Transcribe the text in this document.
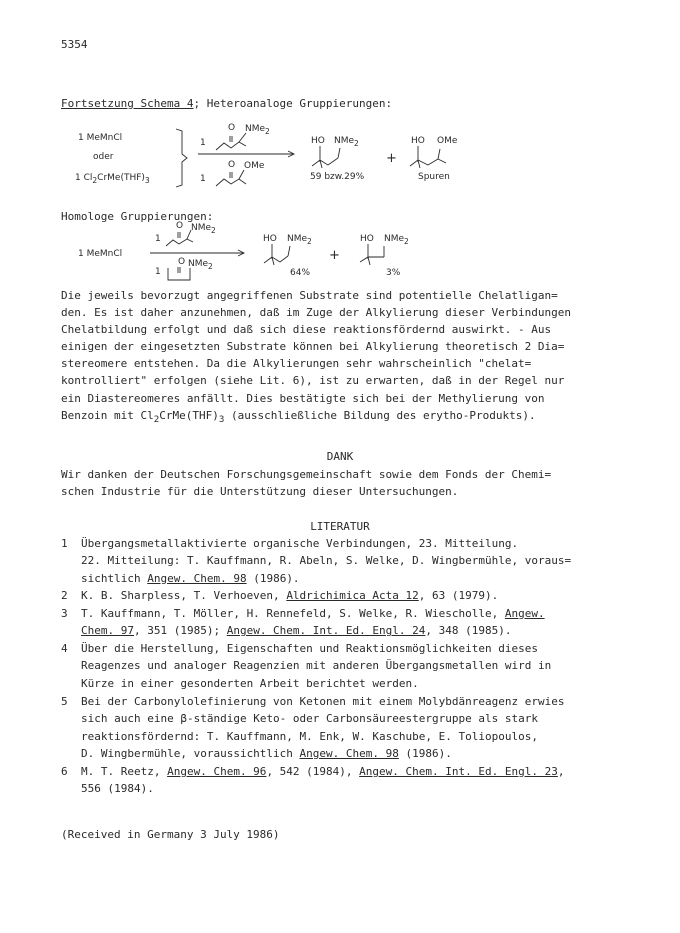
5354
Fortsetzung Schema 4; Heteroanaloge Gruppierungen:
1 MeMnCl
oder
1 $Cl_2CrMe(THF)_3$
1
O NMe$_2$
1
O OMe
HO NMe$_2$
59 bzw.29%
+
HO OMe
Spuren
Homologe Gruppierungen:
1 MeMnCl
1
O NMe$_2$
1
O NMe$_2$
HO NMe$_2$
64%
+
HO NMe$_2$
3%
Die jeweils bevorzugt angegriffenen Substrate sind potentielle Chelatligan=
den. Es ist daher anzunehmen, daß im Zuge der Alkylierung dieser Verbindungen
Chelatbildung erfolgt und daß sich diese reaktionsfördernd auswirkt. - Aus
einigen der eingesetzten Substrate können bei Alkylierung theoretisch 2 Dia=
stereomere entstehen. Da die Alkylierungen sehr wahrscheinlich "chelat=
kontrolliert" erfolgen (siehe Lit. 6), ist zu erwarten, daß in der Regel nur
ein Diastereomeres anfällt. Dies bestätigte sich bei der Methylierung von
Benzoin mit $Cl_2CrMe(THF)_3$ (ausschließliche Bildung des erytho-Produkts).
DANK
Wir danken der Deutschen Forschungsgemeinschaft sowie dem Fonds der Chemi=
schen Industrie für die Unterstützung dieser Untersuchungen.
LITERATUR
1 Übergangsmetallaktivierte organische Verbindungen, 23. Mitteilung.
22. Mitteilung: T. Kauffmann, R. Abeln, S. Welke, D. Wingbermühle, voraus=
sichtlich Angew. Chem. 98 (1986).
2 K. B. Sharpless, T. Verhoeven, Aldrichimica Acta 12, 63 (1979).
3 T. Kauffmann, T. Möller, H. Rennefeld, S. Welke, R. Wiescholle, Angew.
Chem. 97, 351 (1985); Angew. Chem. Int. Ed. Engl. 24, 348 (1985).
4 Über die Herstellung, Eigenschaften und Reaktionsmöglichkeiten dieses
Reagenzes und analoger Reagenzien mit anderen Übergangsmetallen wird in
Kürze in einer gesonderten Arbeit berichtet werden.
5 Bei der Carbonylolefinierung von Ketonen mit einem Molybdänreagenz erwies
sich auch eine β-ständige Keto- oder Carbonsäureestergruppe als stark
reaktionsfördernd: T. Kauffmann, M. Enk, W. Kaschube, E. Toliopoulos,
D. Wingbermühle, voraussichtlich Angew. Chem. 98 (1986).
6 M. T. Reetz, Angew. Chem. 96, 542 (1984), Angew. Chem. Int. Ed. Engl. 23,
556 (1984).
(Received in Germany 3 July 1986)
